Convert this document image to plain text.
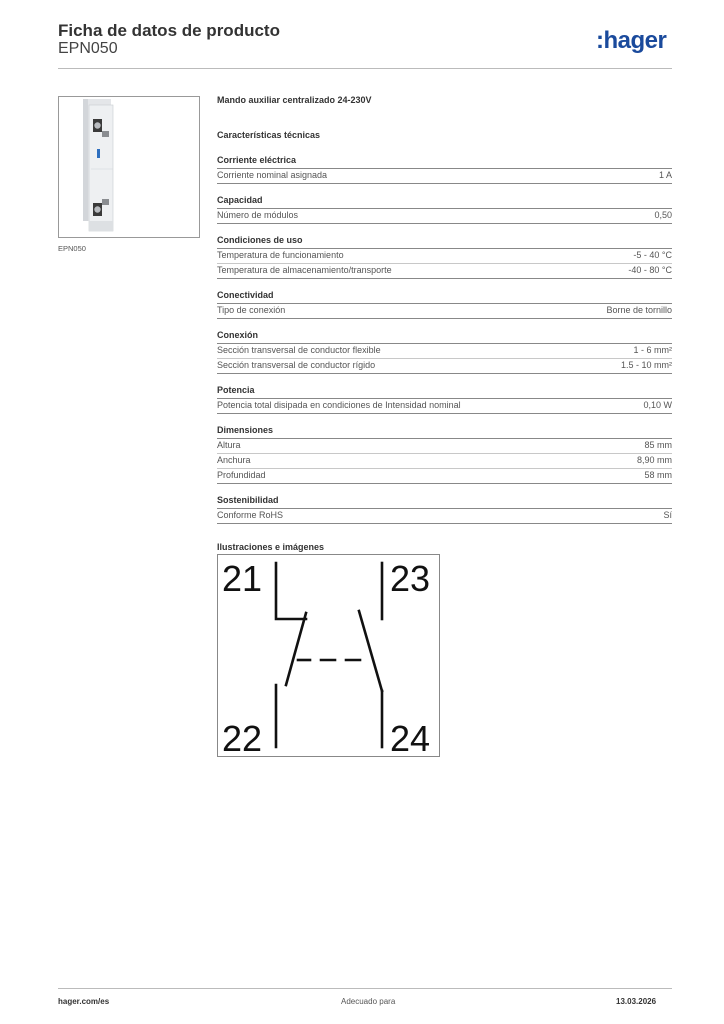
Ficha de datos de producto
EPN050	:hager
EPN050
Mando auxiliar centralizado 24-230V
Características técnicas
Corriente eléctrica
Corriente nominal asignada	1 A
Capacidad
Número de módulos	0,50
Condiciones de uso
Temperatura de funcionamiento	-5 - 40 °C
Temperatura de almacenamiento/transporte	-40 - 80 °C
Conectividad
Tipo de conexión	Borne de tornillo
Conexión
Sección transversal de conductor flexible	1 - 6 mm²
Sección transversal de conductor rígido	1.5 - 10 mm²
Potencia
Potencia total disipada en condiciones de Intensidad nominal	0,10 W
Dimensiones
Altura	85 mm
Anchura	8,90 mm
Profundidad	58 mm
Sostenibilidad
Conforme RoHS	Sí
Ilustraciones e imágenes
21	23
22	24
hager.com/es	Adecuado para	13.03.2026
